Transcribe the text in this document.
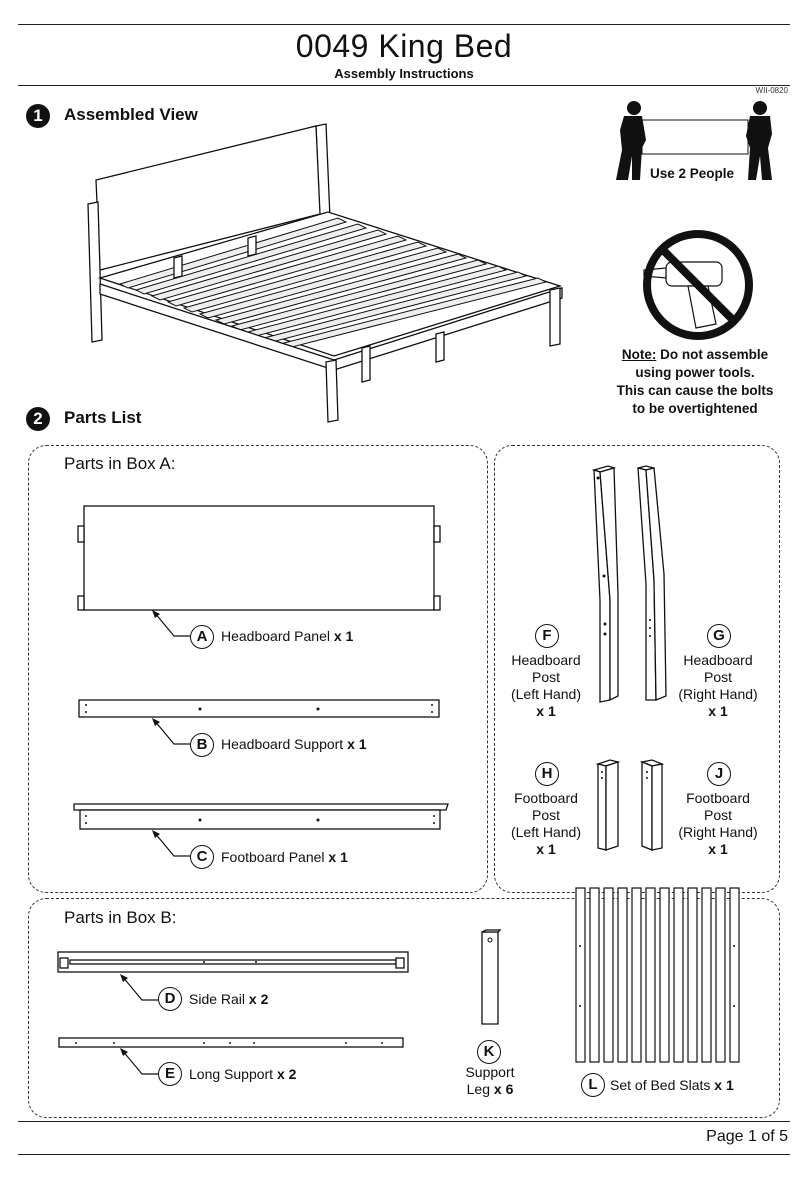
0049 King Bed
Assembly Instructions
WII-0820
1	Assembled View
Use 2 People
Note: Do not assemble
using power tools.
This can cause the bolts
to be overtightened
2	Parts List
Parts in Box A:
Parts in Box B:
A Headboard Panel x 1
B Headboard Support x 1
C Footboard Panel x 1
F
Headboard
Post
(Left Hand)
x 1
G
Headboard
Post
(Right Hand)
x 1
H
Footboard
Post
(Left Hand)
x 1
J
Footboard
Post
(Right Hand)
x 1
D Side Rail x 2
E	Long Support x 2
K
Support
Leg x 6	L Set of Bed Slats x 1
Page 1 of 5
